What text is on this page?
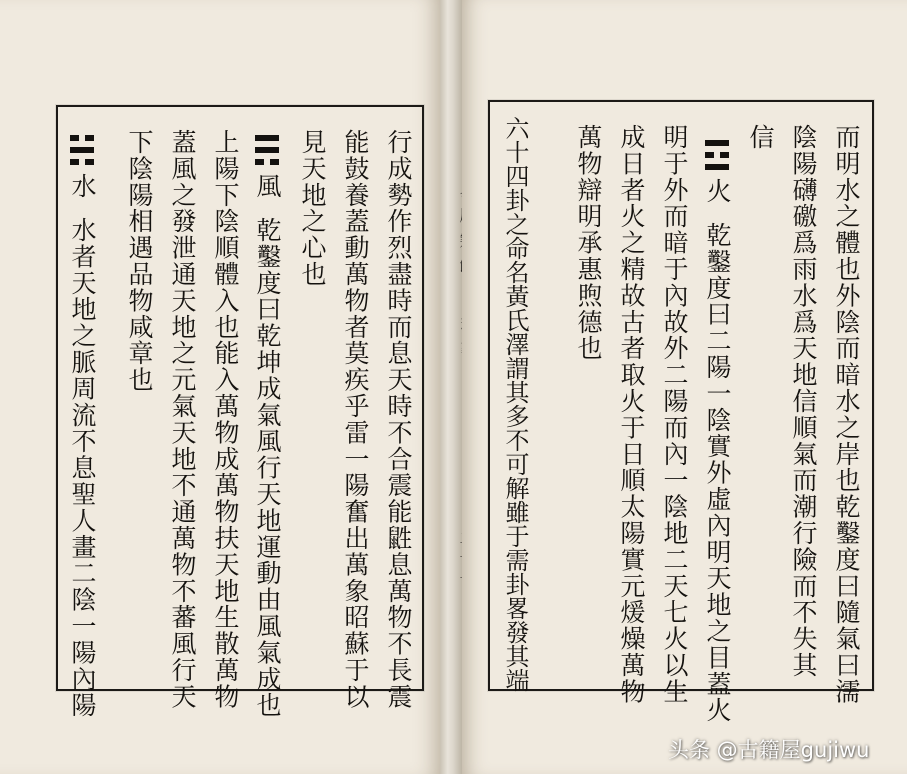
行成勢作烈盡時而息天時不合震能鼪息萬物不長震
能鼓養蓋動萬物者莫疾乎雷一陽奮出萬象昭蘇于以
見天地之心也
風
乾鑿度曰乾坤成氣風行天地運動由風氣成也
上陽下陰順體入也能入萬物成萬物扶天地生散萬物
蓋風之發泄通天地之元氣天地不通萬物不蕃風行天
下陰陽相遇品物咸章也
水
水者天地之脈周流不息聖人畫二陰一陽內陽	而明水之體也外陰而暗水之岸也乾鑿度曰隨氣曰濡
陰陽礴礉爲雨水爲天地信順氣而潮行險而不失其
信
火
乾鑿度曰二陽一陰實外虛內明天地之目蓋火
明于外而暗于內故外二陽而內一陰地二天七火以生
成日者火之精故古者取火于日順太陽實元煖燥萬物
萬物辯明承惠煦德也
六十四卦之命名黃氏澤謂其多不可解雖于需卦畧發其端
头条 @古籍屋gujiwu
